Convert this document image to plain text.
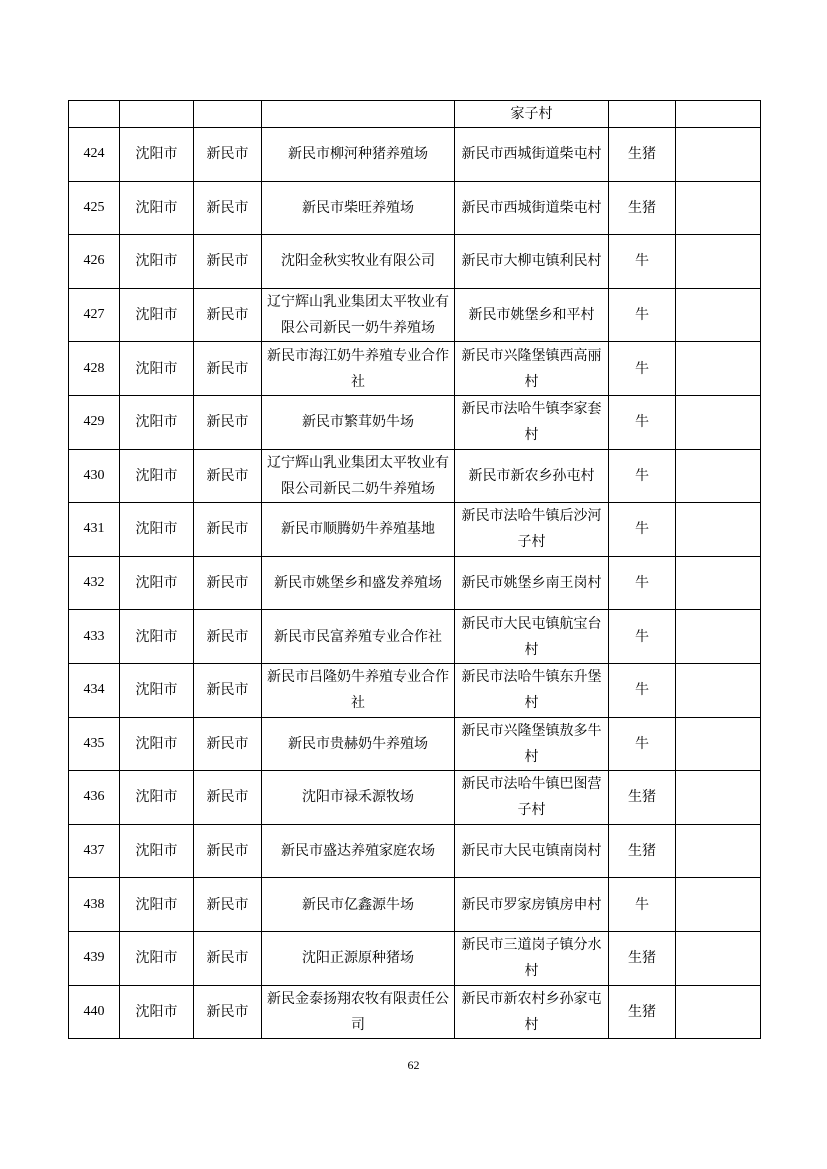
				家子村		
424	沈阳市	新民市	新民市柳河种猪养殖场	新民市西城街道柴屯村	生猪	
425	沈阳市	新民市	新民市柴旺养殖场	新民市西城街道柴屯村	生猪	
426	沈阳市	新民市	沈阳金秋实牧业有限公司	新民市大柳屯镇利民村	牛	
427	沈阳市	新民市	辽宁辉山乳业集团太平牧业有限公司新民一奶牛养殖场	新民市姚堡乡和平村	牛	
428	沈阳市	新民市	新民市海江奶牛养殖专业合作社	新民市兴隆堡镇西高丽村	牛	
429	沈阳市	新民市	新民市繁茸奶牛场	新民市法哈牛镇李家套村	牛	
430	沈阳市	新民市	辽宁辉山乳业集团太平牧业有限公司新民二奶牛养殖场	新民市新农乡孙屯村	牛	
431	沈阳市	新民市	新民市顺腾奶牛养殖基地	新民市法哈牛镇后沙河子村	牛	
432	沈阳市	新民市	新民市姚堡乡和盛发养殖场	新民市姚堡乡南王岗村	牛	
433	沈阳市	新民市	新民市民富养殖专业合作社	新民市大民屯镇航宝台村	牛	
434	沈阳市	新民市	新民市吕隆奶牛养殖专业合作社	新民市法哈牛镇东升堡村	牛	
435	沈阳市	新民市	新民市贵赫奶牛养殖场	新民市兴隆堡镇敖多牛村	牛	
436	沈阳市	新民市	沈阳市禄禾源牧场	新民市法哈牛镇巴图营子村	生猪	
437	沈阳市	新民市	新民市盛达养殖家庭农场	新民市大民屯镇南岗村	生猪	
438	沈阳市	新民市	新民市亿鑫源牛场	新民市罗家房镇房申村	牛	
439	沈阳市	新民市	沈阳正源原种猪场	新民市三道岗子镇分水村	生猪	
440	沈阳市	新民市	新民金泰扬翔农牧有限责任公司	新民市新农村乡孙家屯村	生猪	
62
